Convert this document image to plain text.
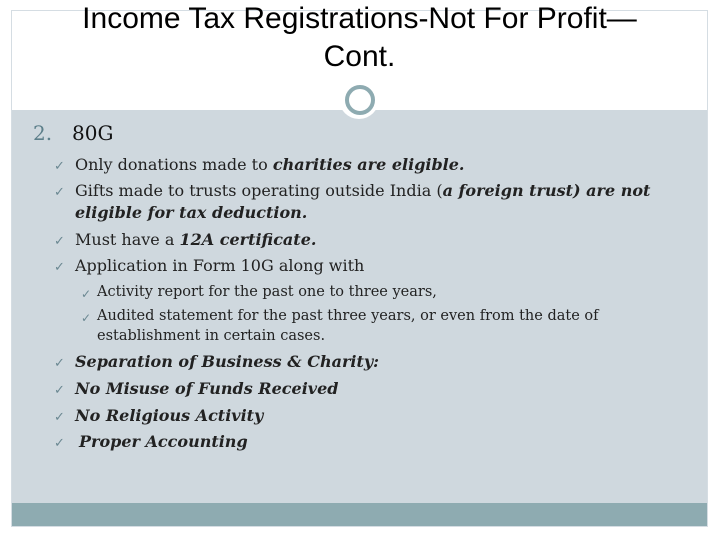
Income Tax Registrations-Not For Profit—
Cont.
2. 80G
✓ Only donations made to charities are eligible.
✓ Gifts made to trusts operating outside India (a foreign trust) are not
eligible for tax deduction.
✓ Must have a 12A certificate.
✓ Application in Form 10G along with
✓ Activity report for the past one to three years,
✓ Audited statement for the past three years, or even from the date of
establishment in certain cases.
✓ Separation of Business & Charity:
✓ No Misuse of Funds Received
✓ No Religious Activity
✓ Proper Accounting
